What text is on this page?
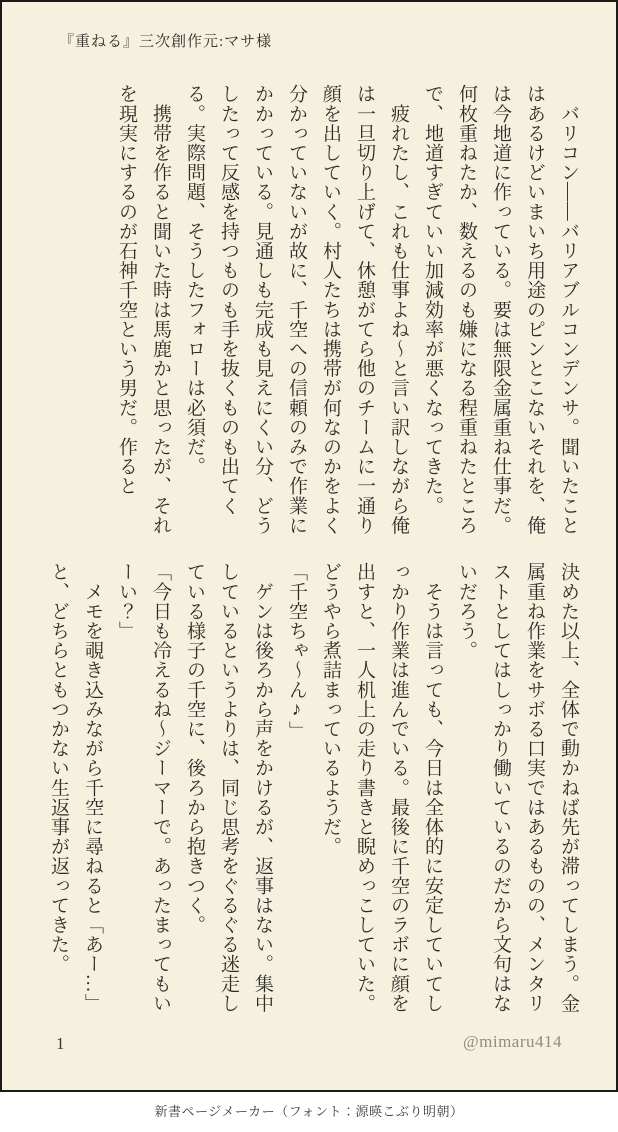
『重ねる』三次創作元:マサ様

　バリコン――バリアブルコンデンサ。聞いたことはあるけどいまいち用途のピンとこないそれを、俺は今地道に作っている。要は無限金属重ね仕事だ。何枚重ねたか、数えるのも嫌になる程重ねたところで、地道すぎていい加減効率が悪くなってきた。

　疲れたし、これも仕事よね〜と言い訳しながら俺は一旦切り上げて、休憩がてら他のチームに一通り顔を出していく。村人たちは携帯が何なのかをよく分かっていないが故に、千空への信頼のみで作業にかかっている。見通しも完成も見えにくい分、どうしたって反感を持つものも手を抜くものも出てくる。実際問題、そうしたフォローは必須だ。

　携帯を作ると聞いた時は馬鹿かと思ったが、それを現実にするのが石神千空という男だ。作ると

決めた以上、全体で動かねば先が滞ってしまう。金属重ね作業をサボる口実ではあるものの、メンタリストとしてはしっかり働いているのだから文句はないだろう。

　そうは言っても、今日は全体的に安定していてしっかり作業は進んでいる。最後に千空のラボに顔を出すと、一人机上の走り書きと睨めっこしていた。どうやら煮詰まっているようだ。

「千空ちゃ〜ん♪」

　ゲンは後ろから声をかけるが、返事はない。集中しているというよりは、同じ思考をぐるぐる迷走している様子の千空に、後ろから抱きつく。

「今日も冷えるね〜ジーマーで。あったまってもいーい？」

　メモを覗き込みながら千空に尋ねると「あー…」と、どちらともつかない生返事が返ってきた。

1	@mimaru414
新書ページメーカー（フォント：源暎こぶり明朝）
